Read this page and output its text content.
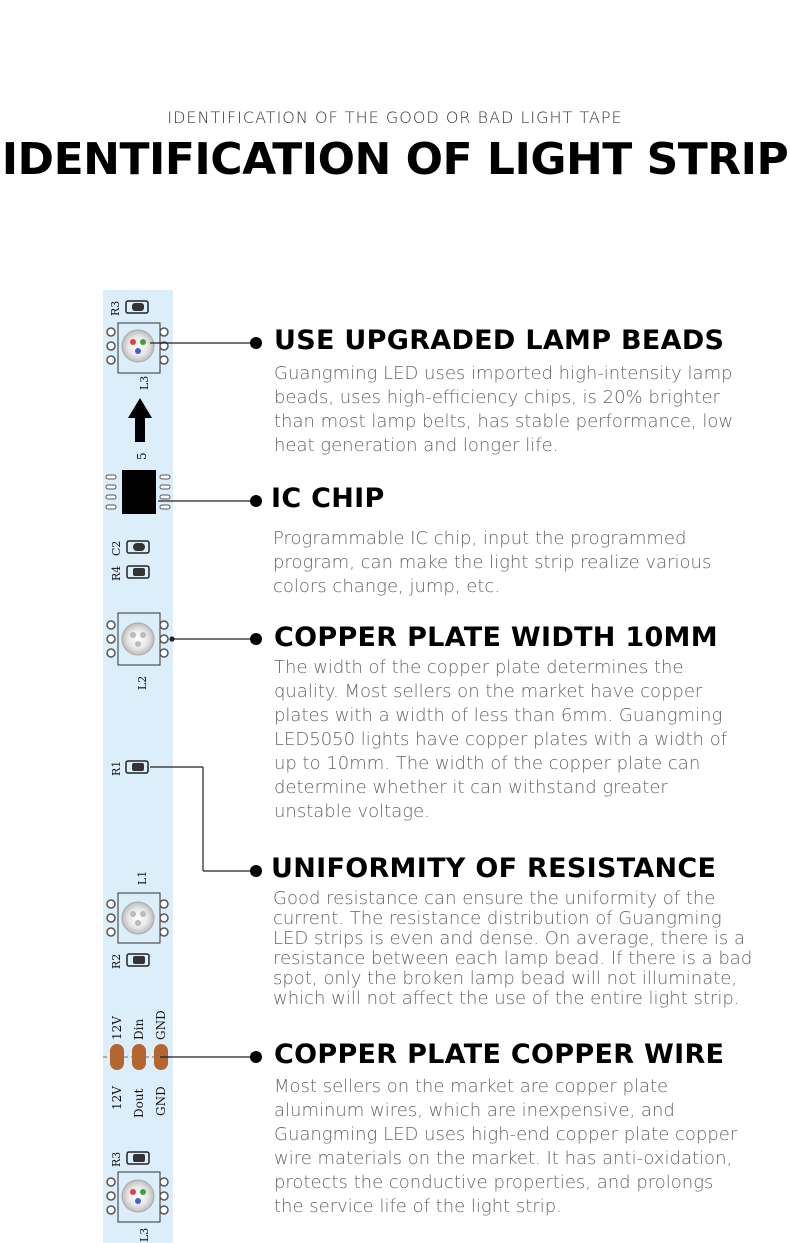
IDENTIFICATION OF THE GOOD OR BAD LIGHT TAPE
IDENTIFICATION OF LIGHT STRIP
R3
L3
5
C2
R4
L2
R1
L1
R2
12V Din GND
12V Dout GND
R3
L3
USE UPGRADED LAMP BEADS
Guangming LED uses imported high-intensity lamp beads, uses high-efficiency chips, is 20% brighter than most lamp belts, has stable performance, low heat generation and longer life.
IC CHIP
Programmable IC chip, input the programmed program, can make the light strip realize various colors change, jump, etc.
COPPER PLATE WIDTH 10MM
The width of the copper plate determines the quality. Most sellers on the market have copper plates with a width of less than 6mm. Guangming LED5050 lights have copper plates with a width of up to 10mm. The width of the copper plate can determine whether it can withstand greater unstable voltage.
UNIFORMITY OF RESISTANCE
Good resistance can ensure the uniformity of the current. The resistance distribution of Guangming LED strips is even and dense. On average, there is a resistance between each lamp bead. If there is a bad spot, only the broken lamp bead will not illuminate, which will not affect the use of the entire light strip.
COPPER PLATE COPPER WIRE
Most sellers on the market are copper plate aluminum wires, which are inexpensive, and Guangming LED uses high-end copper plate copper wire materials on the market. It has anti-oxidation, protects the conductive properties, and prolongs the service life of the light strip.
